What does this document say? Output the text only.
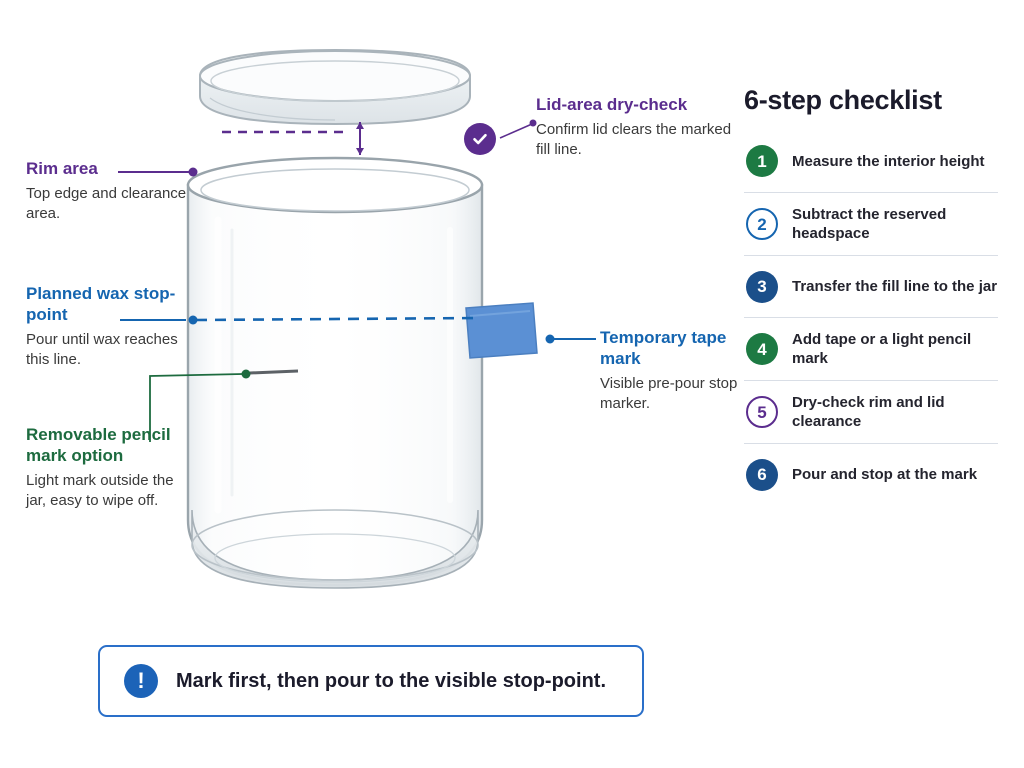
Rim area

Top edge and clearance area.

Planned wax stop-point

Pour until wax reaches this line.

Removable pencil mark option

Light mark outside the jar, easy to wipe off.

Lid-area dry-check

Confirm lid clears the marked fill line.

Temporary tape mark

Visible pre-pour stop marker.

6-step checklist
1	Measure the interior height
2	Subtract the reserved headspace
3	Transfer the fill line to the jar
4	Add tape or a light pencil mark
5	Dry-check rim and lid clearance
6	Pour and stop at the mark
!	Mark first, then pour to the visible stop-point.
